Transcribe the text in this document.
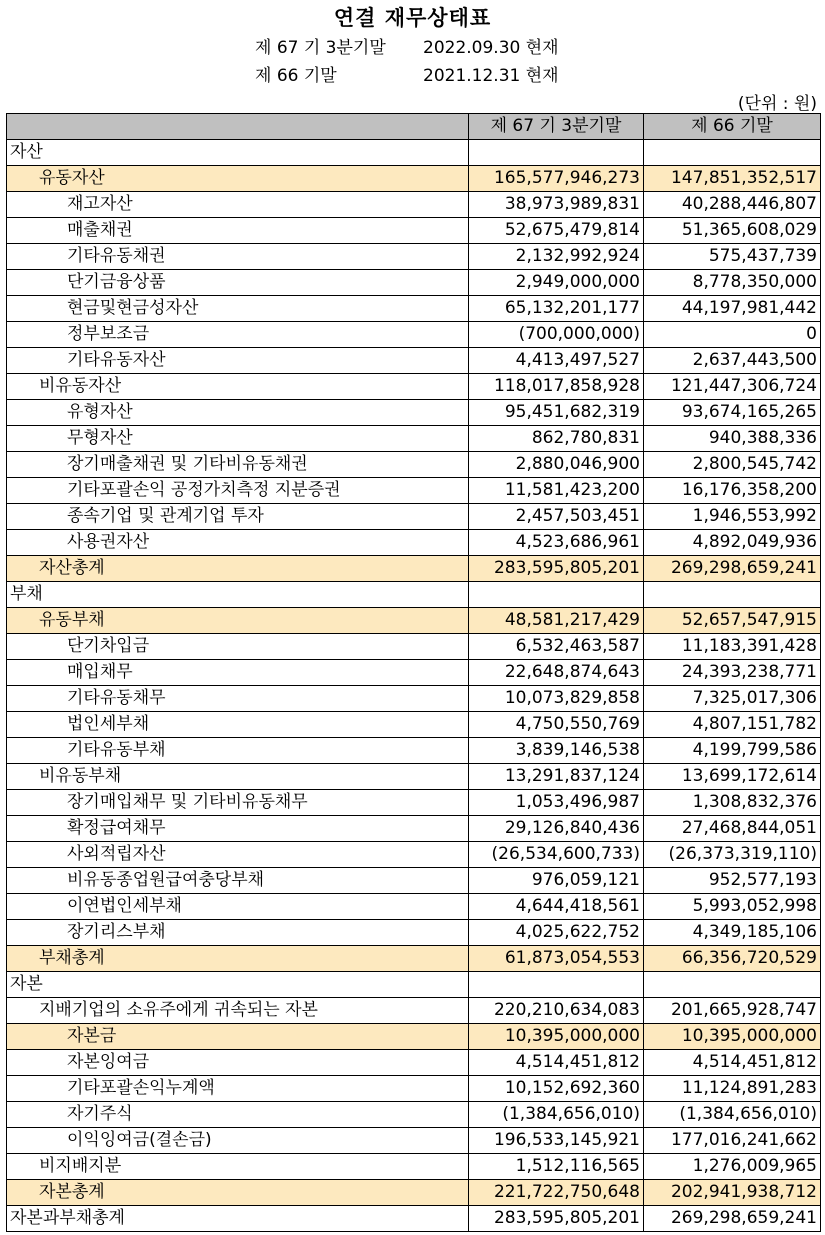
연결 재무상태표
제 67 기 3분기말 2022.09.30 현재
제 66 기말	2021.12.31 현재
(단위 : 원)
	제 67 기 3분기말	제 66 기말
자산		
유동자산	165,577,946,273	147,851,352,517
재고자산	38,973,989,831	40,288,446,807
매출채권	52,675,479,814	51,365,608,029
기타유동채권	2,132,992,924	575,437,739
단기금융상품	2,949,000,000	8,778,350,000
현금및현금성자산	65,132,201,177	44,197,981,442
정부보조금	(700,000,000)	0
기타유동자산	4,413,497,527	2,637,443,500
비유동자산	118,017,858,928	121,447,306,724
유형자산	95,451,682,319	93,674,165,265
무형자산	862,780,831	940,388,336
장기매출채권 및 기타비유동채권	2,880,046,900	2,800,545,742
기타포괄손익 공정가치측정 지분증권	11,581,423,200	16,176,358,200
종속기업 및 관계기업 투자	2,457,503,451	1,946,553,992
사용권자산	4,523,686,961	4,892,049,936
자산총계	283,595,805,201	269,298,659,241
부채		
유동부채	48,581,217,429	52,657,547,915
단기차입금	6,532,463,587	11,183,391,428
매입채무	22,648,874,643	24,393,238,771
기타유동채무	10,073,829,858	7,325,017,306
법인세부채	4,750,550,769	4,807,151,782
기타유동부채	3,839,146,538	4,199,799,586
비유동부채	13,291,837,124	13,699,172,614
장기매입채무 및 기타비유동채무	1,053,496,987	1,308,832,376
확정급여채무	29,126,840,436	27,468,844,051
사외적립자산	(26,534,600,733)	(26,373,319,110)
비유동종업원급여충당부채	976,059,121	952,577,193
이연법인세부채	4,644,418,561	5,993,052,998
장기리스부채	4,025,622,752	4,349,185,106
부채총계	61,873,054,553	66,356,720,529
자본		
지배기업의 소유주에게 귀속되는 자본	220,210,634,083	201,665,928,747
자본금	10,395,000,000	10,395,000,000
자본잉여금	4,514,451,812	4,514,451,812
기타포괄손익누계액	10,152,692,360	11,124,891,283
자기주식	(1,384,656,010)	(1,384,656,010)
이익잉여금(결손금)	196,533,145,921	177,016,241,662
비지배지분	1,512,116,565	1,276,009,965
자본총계	221,722,750,648	202,941,938,712
자본과부채총계	283,595,805,201	269,298,659,241
